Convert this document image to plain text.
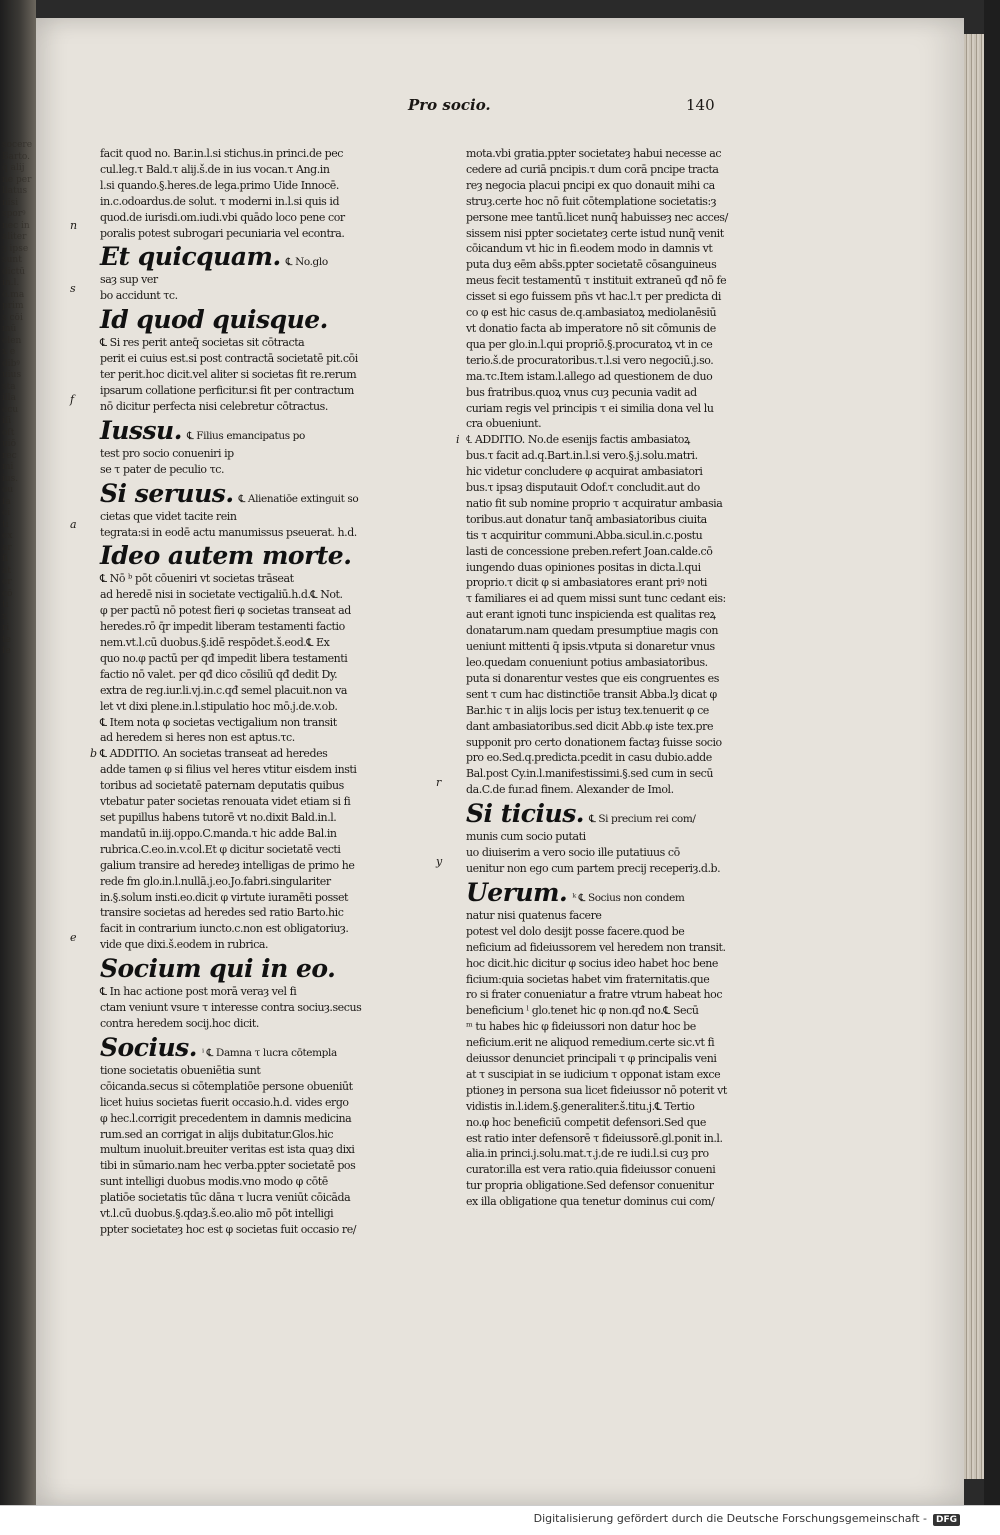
socere
Barto.
q̄ alij
ne per
llatus
nisi
sporꝰ
nec in
aliter
ȝ ipse
sunt
dictū
in.l.
ō.ma
prim
s cōi
mū
elen
x e
dibꝰ
uius
sta
illa
ecu
iſi
oſt
uiō
rec
mi
ius.
ou
fa
ei
ti
ex
ar
fi
at
er
cō
ti
x
ri
te
ſe
Pro socio.	140
facit quod no. Bar.in.l.si stichus.in princi.de pec
cul.leg.τ Bald.τ alij.š.de in ius vocan.τ Ang.in
l.si quando.§.heres.de lega.primo Uide Innocē.
in.c.odoardus.de solut. τ moderni in.l.si quis id
quod.de iurisdi.om.iudi.vbi quādo loco pene cor
poralis potest subrogari pecuniaria vel econtra.
Et quicquam. ℄ No.glo
saȝ sup ver
bo accidunt τc.
Id quod quisque.
℄ Si res perit anteq̄ societas sit cōtracta
perit ei cuius est.si post contractā societatē pit.cōi
ter perit.hoc dicit.vel aliter si societas fit re.rerum
ipsarum collatione perficitur.si fit per contractum
nō dicitur perfecta nisi celebretur cōtractus.
Iussu. ℄ Filius emancipatus po
test pro socio conueniri ip
se τ pater de peculio τc.
Si seruus. ℄ Alienatiōe extinguit so
cietas que videt tacite rein
tegrata:si in eodē actu manumissus pseuerat. h.d.
Ideo autem morte.
℄ Nō ᵇ pōt cōueniri vt societas trāseat
ad heredē nisi in societate vectigaliū.h.d.℄ Not.
φ per pactū nō potest fieri φ societas transeat ad
heredes.rō q̄r impedit liberam testamenti factio
nem.vt.l.cū duobus.§.idē respōdet.š.eod.℄ Ex
quo no.φ pactū per qđ impedit libera testamenti
factio nō valet. per qđ dico cōsiliū qđ dedit Dy.
extra de reg.iur.li.vj.in.c.qđ semel placuit.non va
let vt dixi plene.in.l.stipulatio hoc mō.j.de.v.ob.
℄ Item nota φ societas vectigalium non transit
ad heredem si heres non est aptus.τc.
℄ ADDITIO. An societas transeat ad heredes
b
adde tamen φ si filius vel heres vtitur eisdem insti
toribus ad societatē paternam deputatis quibus
vtebatur pater societas renouata videt etiam si fi
set pupillus habens tutorē vt no.dixit Bald.in.l.
mandatū in.iij.oppo.C.manda.τ hic adde Bal.in
rubrica.C.eo.in.v.col.Et φ dicitur societatē vecti
galium transire ad heredeȝ intelligas de primo he
rede fm glo.in.l.nullā.j.eo.Jo.fabri.singulariter
in.§.solum insti.eo.dicit φ virtute iuramēti posset
transire societas ad heredes sed ratio Barto.hic
facit in contrarium iuncto.c.non est obligatoriuȝ.
vide que dixi.š.eodem in rubrica.
Socium qui in eo.
℄ In hac actione post morā veraȝ vel fi
ctam veniunt vsure τ interesse contra sociuȝ.secus
contra heredem socij.hoc dicit.
Socius. ⁱ ℄ Damna τ lucra cōtempla
tione societatis obueniētia sunt
cōicanda.secus si cōtemplatiōe persone obueniūt
licet huius societas fuerit occasio.h.d. vides ergo
φ hec.l.corrigit precedentem in damnis medicina
rum.sed an corrigat in alijs dubitatur.Glos.hic
multum inuoluit.breuiter veritas est ista quaȝ dixi
tibi in sūmario.nam hec verba.ppter societatē pos
sunt intelligi duobus modis.vno modo φ cōtē
platiōe societatis tūc dāna τ lucra veniūt cōicāda
vt.l.cū duobus.§.qdaȝ.š.eo.alio mō pōt intelligi
ppter societateȝ hoc est φ societas fuit occasio re/
mota.vbi gratia.ppter societateȝ habui necesse ac
cedere ad curiā pncipis.τ dum corā pncipe tracta
reȝ negocia placui pncipi ex quo donauit mihi ca
struȝ.certe hoc nō fuit cōtemplatione societatis:ȝ
persone mee tantū.licet nunq̄ habuisseȝ nec acces/
sissem nisi ppter societateȝ certe istud nunq̄ venit
cōicandum vt hic in fi.eodem modo in damnis vt
puta duȝ eēm abs̄s.ppter societatē cōsanguineus
meus fecit testamentū τ instituit extraneū qđ nō fe
cisset si ego fuissem pñs vt hac.l.τ per predicta di
co φ est hic casus de.q.ambasiatoꝝ mediolanēsiū
vt donatio facta ab imperatore nō sit cōmunis de
qua per glo.in.l.qui propriō.§.procuratoꝝ vt in ce
terio.š.de procuratoribus.τ.l.si vero negociū.j.so.
ma.τc.Item istam.l.allego ad questionem de duo
bus fratribus.quoꝝ vnus cuȝ pecunia vadit ad
curiam regis vel principis τ ei similia dona vel lu
cra obueniunt.
℄ ADDITIO. No.de esenijs factis ambasiatoꝝ
i
bus.τ facit ad.q.Bart.in.l.si vero.§.j.solu.matri.
hic videtur concludere φ acquirat ambasiatori
bus.τ ipsaȝ disputauit Odof.τ concludit.aut do
natio fit sub nomine proprio τ acquiratur ambasia
toribus.aut donatur tanq̄ ambasiatoribus ciuita
tis τ acquiritur communi.Abba.sicul.in.c.postu
lasti de concessione preben.refert Joan.calde.cō
iungendo duas opiniones positas in dicta.l.qui
proprio.τ dicit φ si ambasiatores erant priꝰ noti
τ familiares ei ad quem missi sunt tunc cedant eis:
aut erant ignoti tunc inspicienda est qualitas reꝝ
donatarum.nam quedam presumptiue magis con
ueniunt mittenti q̄ ipsis.vtputa si donaretur vnus
leo.quedam conueniunt potius ambasiatoribus.
puta si donarentur vestes que eis congruentes es
sent τ cum hac distinctiōe transit Abba.lȝ dicat φ
Bar.hic τ in alijs locis per istuȝ tex.tenuerit φ ce
dant ambasiatoribus.sed dicit Abb.φ iste tex.pre
supponit pro certo donationem factaȝ fuisse socio
pro eo.Sed.q.predicta.pcedit in casu dubio.adde
Bal.post Cy.in.l.manifestissimi.§.sed cum in secū
da.C.de fur.ad finem. Alexander de Imol.
Si ticius. ℄ Si precium rei com/
munis cum socio putati
uo diuiserim a vero socio ille putatiuus cō
uenitur non ego cum partem precij receperiȝ.d.b.
Uerum. ᵏ ℄ Socius non condem
natur nisi quatenus facere
potest vel dolo desijt posse facere.quod be
neficium ad fideiussorem vel heredem non transit.
hoc dicit.hic dicitur φ socius ideo habet hoc bene
ficium:quia societas habet vim fraternitatis.que
ro si frater conueniatur a fratre vtrum habeat hoc
beneficium ˡ glo.tenet hic φ non.qđ no.℄ Secū
ᵐ tu habes hic φ fideiussori non datur hoc be
neficium.erit ne aliquod remedium.certe sic.vt fi
deiussor denunciet principali τ φ principalis veni
at τ suscipiat in se iudicium τ opponat istam exce
ptioneȝ in persona sua licet fideiussor nō poterit vt
vidistis in.l.idem.§.generaliter.š.titu.j.℄ Tertio
no.φ hoc beneficiū competit defensori.Sed que
est ratio inter defensorē τ fideiussorē.gl.ponit in.l.
alia.in princi.j.solu.mat.τ.j.de re iudi.l.si cuȝ pro
curator.illa est vera ratio.quia fideiussor conueni
tur propria obligatione.Sed defensor conuenitur
ex illa obligatione qua tenetur dominus cui com/
Digitalisierung gefördert durch die Deutsche Forschungsgemeinschaft - DFG
